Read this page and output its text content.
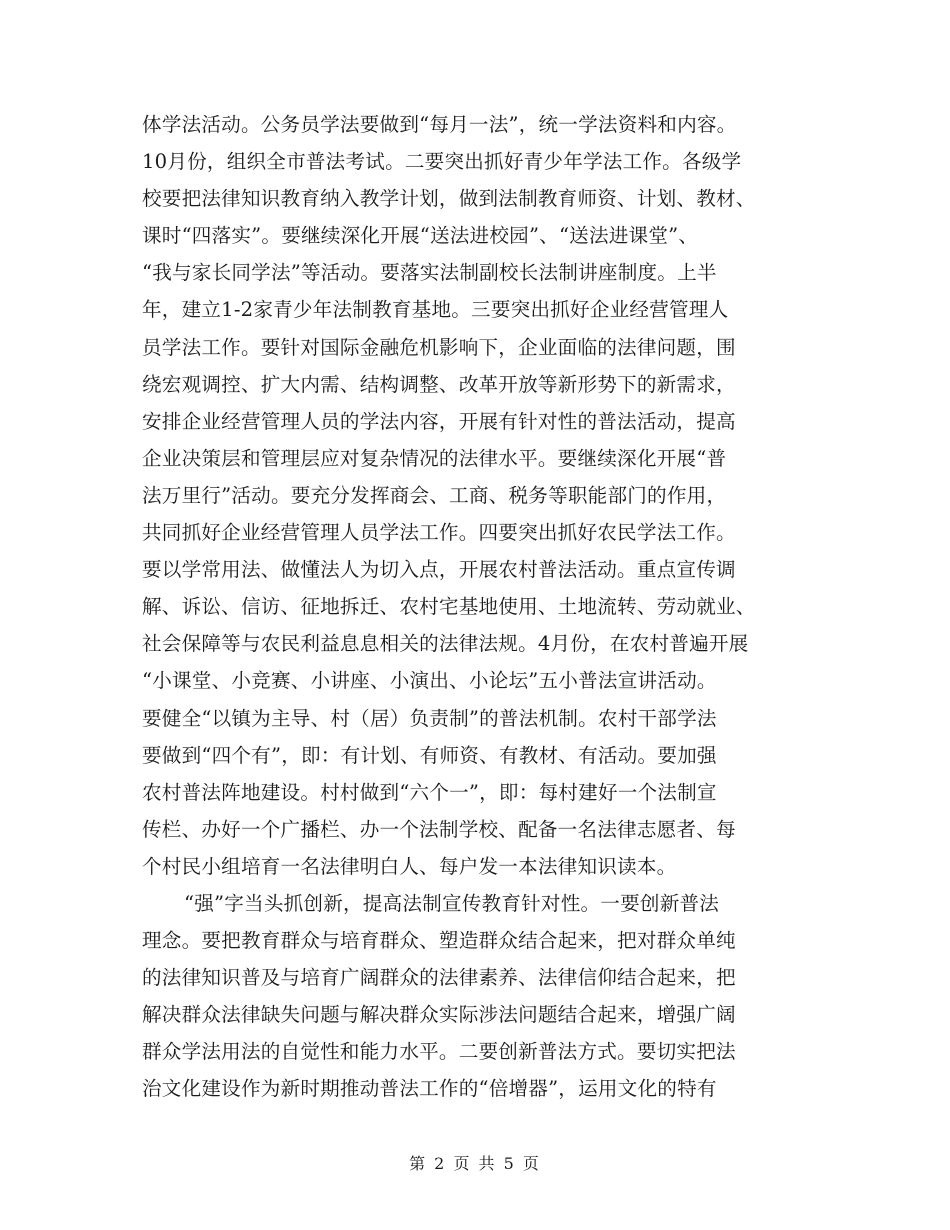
体学法活动。公务员学法要做到“每月一法”，统一学法资料和内容。
10月份，组织全市普法考试。二要突出抓好青少年学法工作。各级学
校要把法律知识教育纳入教学计划，做到法制教育师资、计划、教材、
课时“四落实”。要继续深化开展“送法进校园”、“送法进课堂”、
“我与家长同学法”等活动。要落实法制副校长法制讲座制度。上半
年，建立1-2家青少年法制教育基地。三要突出抓好企业经营管理人
员学法工作。要针对国际金融危机影响下，企业面临的法律问题，围
绕宏观调控、扩大内需、结构调整、改革开放等新形势下的新需求，
安排企业经营管理人员的学法内容，开展有针对性的普法活动，提高
企业决策层和管理层应对复杂情况的法律水平。要继续深化开展“普
法万里行”活动。要充分发挥商会、工商、税务等职能部门的作用，
共同抓好企业经营管理人员学法工作。四要突出抓好农民学法工作。
要以学常用法、做懂法人为切入点，开展农村普法活动。重点宣传调
解、诉讼、信访、征地拆迁、农村宅基地使用、土地流转、劳动就业、
社会保障等与农民利益息息相关的法律法规。4月份，在农村普遍开展
“小课堂、小竞赛、小讲座、小演出、小论坛”五小普法宣讲活动。
要健全“以镇为主导、村（居）负责制”的普法机制。农村干部学法
要做到“四个有”，即：有计划、有师资、有教材、有活动。要加强
农村普法阵地建设。村村做到“六个一”，即：每村建好一个法制宣
传栏、办好一个广播栏、办一个法制学校、配备一名法律志愿者、每
个村民小组培育一名法律明白人、每户发一本法律知识读本。
“强”字当头抓创新，提高法制宣传教育针对性。一要创新普法
理念。要把教育群众与培育群众、塑造群众结合起来，把对群众单纯
的法律知识普及与培育广阔群众的法律素养、法律信仰结合起来，把
解决群众法律缺失问题与解决群众实际涉法问题结合起来，增强广阔
群众学法用法的自觉性和能力水平。二要创新普法方式。要切实把法
治文化建设作为新时期推动普法工作的“倍增器”，运用文化的特有
第 2 页 共 5 页
